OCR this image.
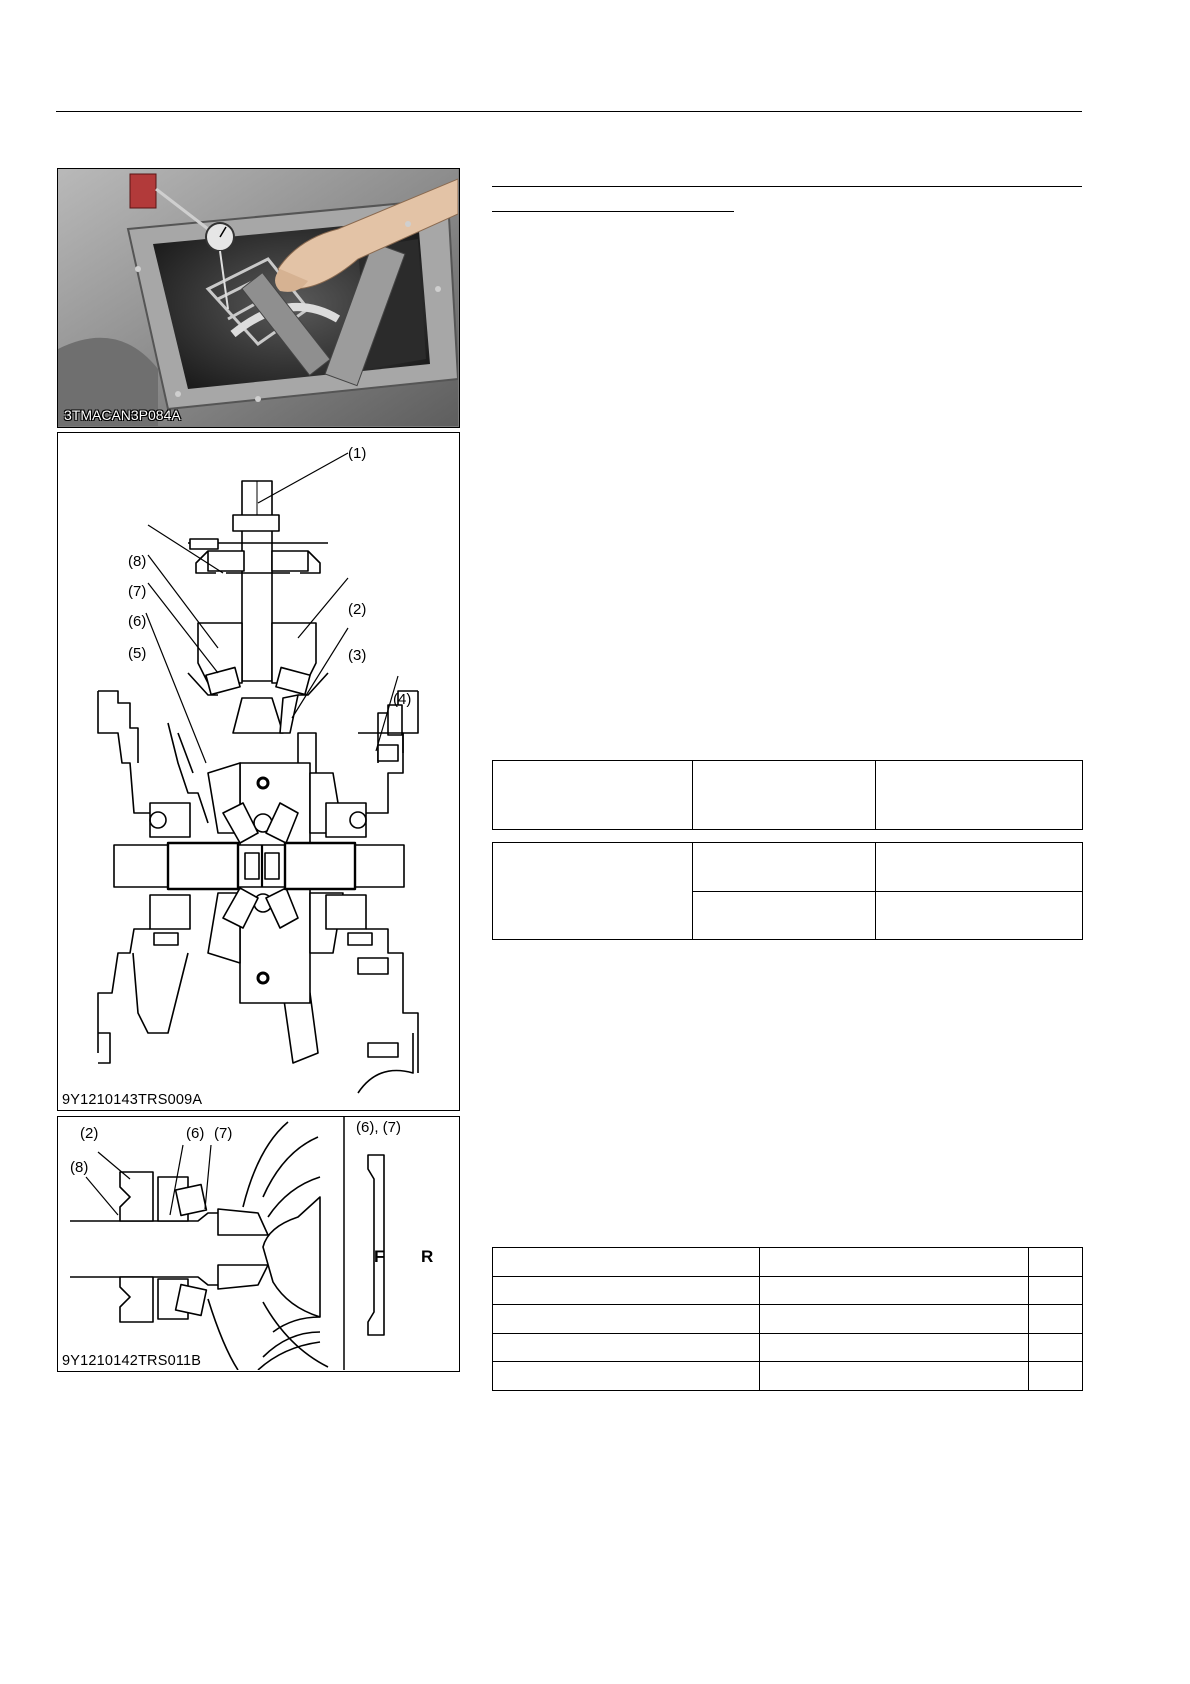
3TMACAN3P084A
(1)
(8)
(7)
(2)
(6)
(5)	(3)
(4)
9Y1210143TRS009A
(2)	(6) (7)
(8)
(6), (7)
F R
9Y1210142TRS011B
